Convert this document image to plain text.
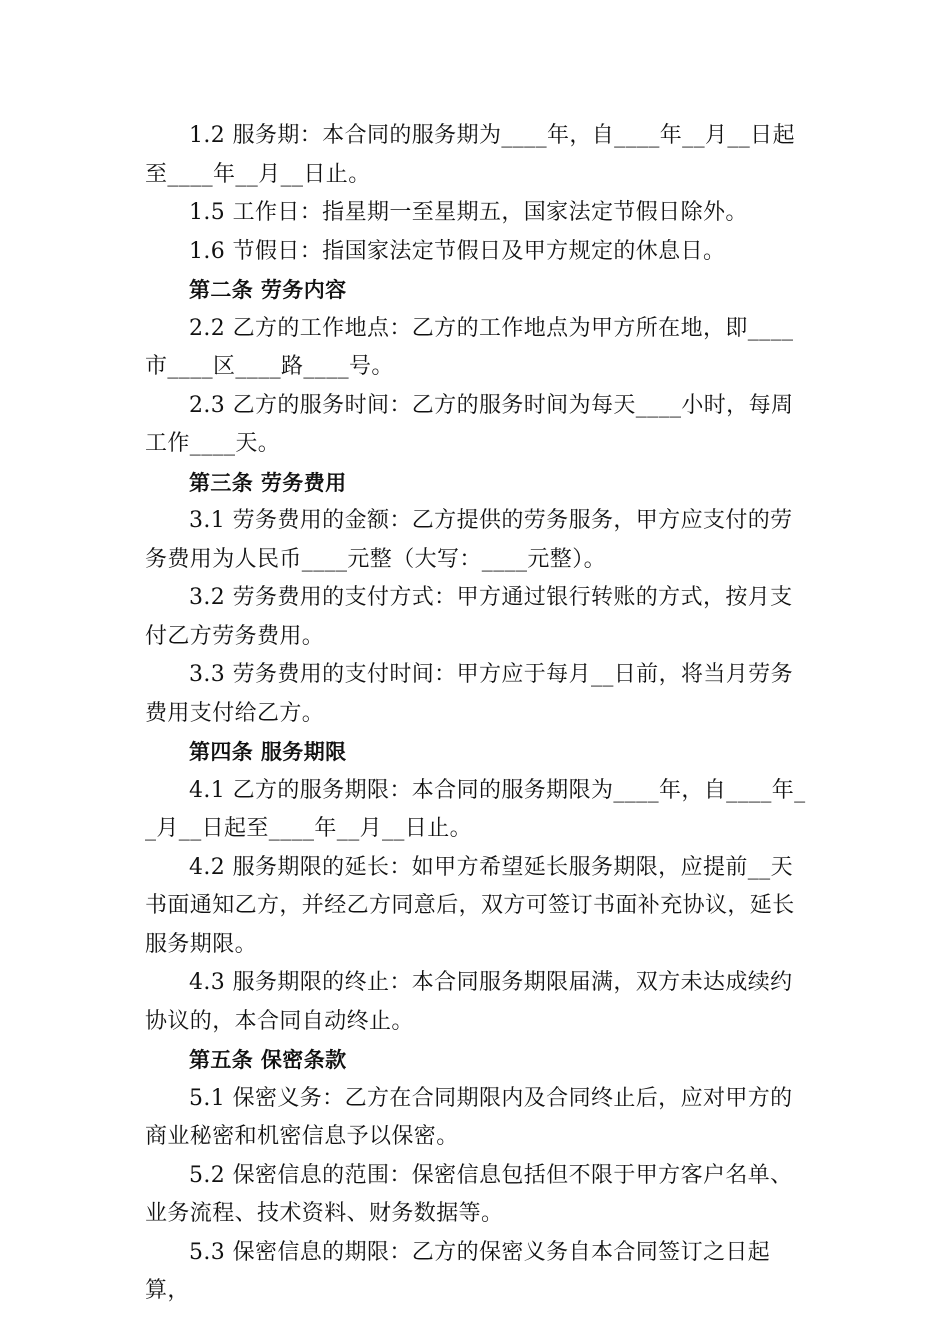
1.2 服务期：本合同的服务期为____年，自____年__月__日起至____年__月__日止。

1.5 工作日：指星期一至星期五，国家法定节假日除外。

1.6 节假日：指国家法定节假日及甲方规定的休息日。

第二条 劳务内容

2.2 乙方的工作地点：乙方的工作地点为甲方所在地，即____市____区____路____号。

2.3 乙方的服务时间：乙方的服务时间为每天____小时，每周工作____天。

第三条 劳务费用

3.1 劳务费用的金额：乙方提供的劳务服务，甲方应支付的劳务费用为人民币____元整（大写：____元整）。

3.2 劳务费用的支付方式：甲方通过银行转账的方式，按月支付乙方劳务费用。

3.3 劳务费用的支付时间：甲方应于每月__日前，将当月劳务费用支付给乙方。

第四条 服务期限

4.1 乙方的服务期限：本合同的服务期限为____年，自____年__月__日起至____年__月__日止。

4.2 服务期限的延长：如甲方希望延长服务期限，应提前__天书面通知乙方，并经乙方同意后，双方可签订书面补充协议，延长服务期限。

4.3 服务期限的终止：本合同服务期限届满，双方未达成续约协议的，本合同自动终止。

第五条 保密条款

5.1 保密义务：乙方在合同期限内及合同终止后，应对甲方的商业秘密和机密信息予以保密。

5.2 保密信息的范围：保密信息包括但不限于甲方客户名单、业务流程、技术资料、财务数据等。

5.3 保密信息的期限：乙方的保密义务自本合同签订之日起算，
